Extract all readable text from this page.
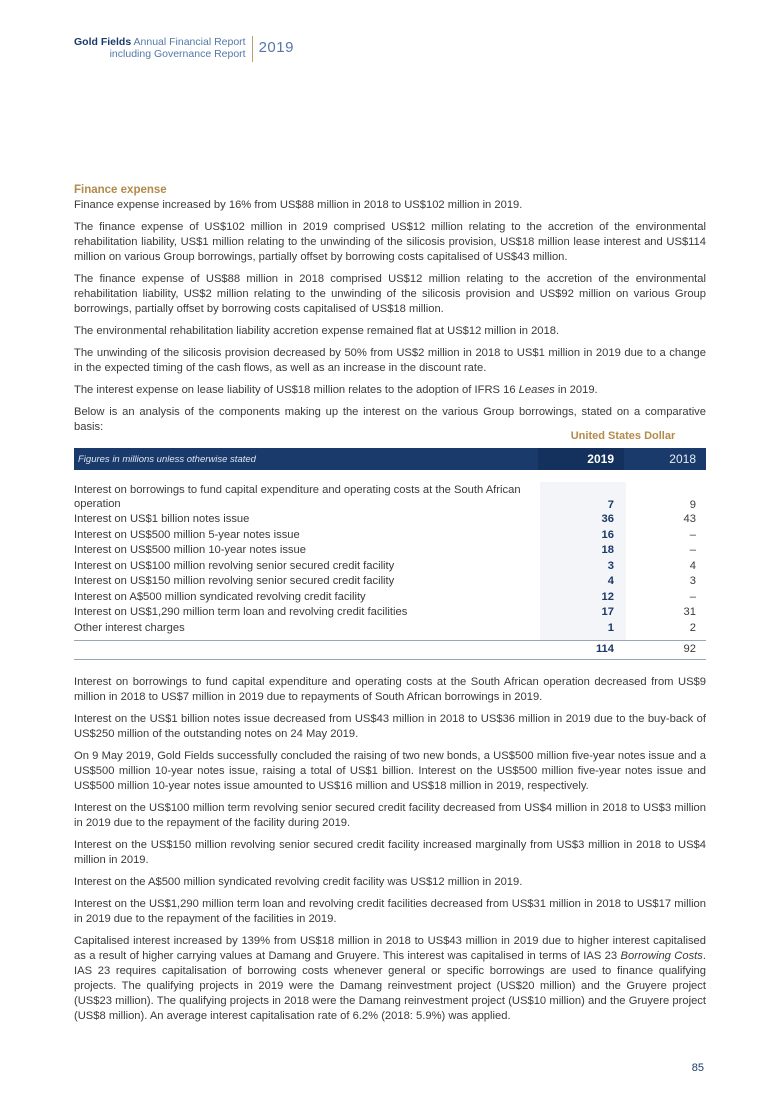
Gold Fields Annual Financial Report
including Governance Report 2019
Finance expense

Finance expense increased by 16% from US$88 million in 2018 to US$102 million in 2019.

The finance expense of US$102 million in 2019 comprised US$12 million relating to the accretion of the environmental rehabilitation liability, US$1 million relating to the unwinding of the silicosis provision, US$18 million lease interest and US$114 million on various Group borrowings, partially offset by borrowing costs capitalised of US$43 million.

The finance expense of US$88 million in 2018 comprised US$12 million relating to the accretion of the environmental rehabilitation liability, US$2 million relating to the unwinding of the silicosis provision and US$92 million on various Group borrowings, partially offset by borrowing costs capitalised of US$18 million.

The environmental rehabilitation liability accretion expense remained flat at US$12 million in 2018.

The unwinding of the silicosis provision decreased by 50% from US$2 million in 2018 to US$1 million in 2019 due to a change in the expected timing of the cash flows, as well as an increase in the discount rate.

The interest expense on lease liability of US$18 million relates to the adoption of IFRS 16 Leases in 2019.

Below is an analysis of the components making up the interest on the various Group borrowings, stated on a comparative basis:

United States Dollar
Figures in millions unless otherwise stated	2019	2018
Interest on borrowings to fund capital expenditure and operating costs at the South African operation	7	9
Interest on US$1 billion notes issue	36	43
Interest on US$500 million 5-year notes issue	16	–
Interest on US$500 million 10-year notes issue	18	–
Interest on US$100 million revolving senior secured credit facility	3	4
Interest on US$150 million revolving senior secured credit facility	4	3
Interest on A$500 million syndicated revolving credit facility	12	–
Interest on US$1,290 million term loan and revolving credit facilities	17	31
Other interest charges	1	2
114	92

Interest on borrowings to fund capital expenditure and operating costs at the South African operation decreased from US$9 million in 2018 to US$7 million in 2019 due to repayments of South African borrowings in 2019.

Interest on the US$1 billion notes issue decreased from US$43 million in 2018 to US$36 million in 2019 due to the buy-back of US$250 million of the outstanding notes on 24 May 2019.

On 9 May 2019, Gold Fields successfully concluded the raising of two new bonds, a US$500 million five-year notes issue and a US$500 million 10-year notes issue, raising a total of US$1 billion. Interest on the US$500 million five-year notes issue and US$500 million 10-year notes issue amounted to US$16 million and US$18 million in 2019, respectively.

Interest on the US$100 million term revolving senior secured credit facility decreased from US$4 million in 2018 to US$3 million in 2019 due to the repayment of the facility during 2019.

Interest on the US$150 million revolving senior secured credit facility increased marginally from US$3 million in 2018 to US$4 million in 2019.

Interest on the A$500 million syndicated revolving credit facility was US$12 million in 2019.

Interest on the US$1,290 million term loan and revolving credit facilities decreased from US$31 million in 2018 to US$17 million in 2019 due to the repayment of the facilities in 2019.

Capitalised interest increased by 139% from US$18 million in 2018 to US$43 million in 2019 due to higher interest capitalised as a result of higher carrying values at Damang and Gruyere. This interest was capitalised in terms of IAS 23 Borrowing Costs. IAS 23 requires capitalisation of borrowing costs whenever general or specific borrowings are used to finance qualifying projects. The qualifying projects in 2019 were the Damang reinvestment project (US$20 million) and the Gruyere project (US$23 million). The qualifying projects in 2018 were the Damang reinvestment project (US$10 million) and the Gruyere project (US$8 million). An average interest capitalisation rate of 6.2% (2018: 5.9%) was applied.

85
